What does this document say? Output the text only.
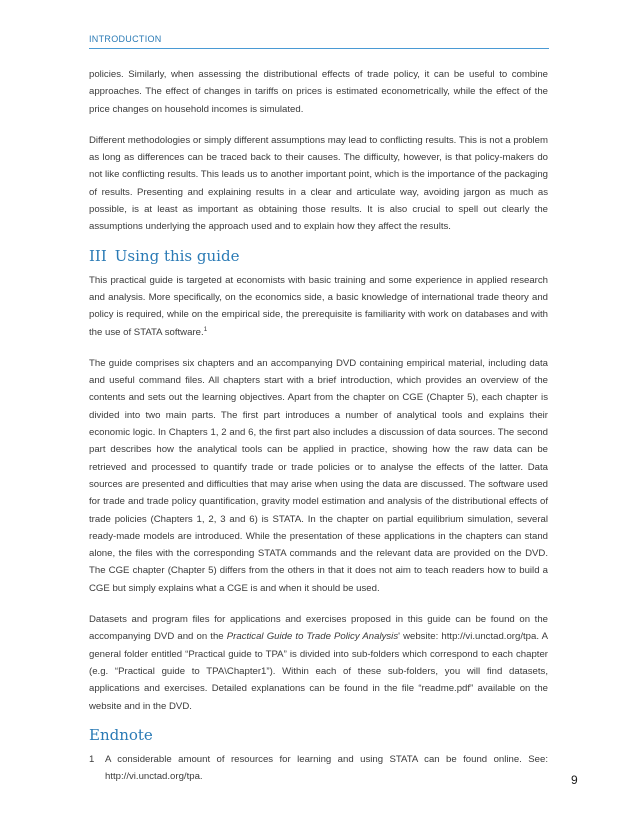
INTRODUCTION

policies. Similarly, when assessing the distributional effects of trade policy, it can be useful to combine approaches. The effect of changes in tariffs on prices is estimated econometrically, while the effect of the price changes on household incomes is simulated.

Different methodologies or simply different assumptions may lead to conflicting results. This is not a problem as long as differences can be traced back to their causes. The difficulty, however, is that policy-makers do not like conflicting results. This leads us to another important point, which is the importance of the packaging of results. Presenting and explaining results in a clear and articulate way, avoiding jargon as much as possible, is at least as important as obtaining those results. It is also crucial to spell out clearly the assumptions underlying the approach used and to explain how they affect the results.

III Using this guide

This practical guide is targeted at economists with basic training and some experience in applied research and analysis. More specifically, on the economics side, a basic knowledge of international trade theory and policy is required, while on the empirical side, the prerequisite is familiarity with work on databases and with the use of STATA software.$^1$

The guide comprises six chapters and an accompanying DVD containing empirical material, including data and useful command files. All chapters start with a brief introduction, which provides an overview of the contents and sets out the learning objectives. Apart from the chapter on CGE (Chapter 5), each chapter is divided into two main parts. The first part introduces a number of analytical tools and explains their economic logic. In Chapters 1, 2 and 6, the first part also includes a discussion of data sources. The second part describes how the analytical tools can be applied in practice, showing how the raw data can be retrieved and processed to quantify trade or trade policies or to analyse the effects of the latter. Data sources are presented and difficulties that may arise when using the data are discussed. The software used for trade and trade policy quantification, gravity model estimation and analysis of the distributional effects of trade policies (Chapters 1, 2, 3 and 6) is STATA. In the chapter on partial equilibrium simulation, several ready-made models are introduced. While the presentation of these applications in the chapters can stand alone, the files with the corresponding STATA commands and the relevant data are provided on the DVD. The CGE chapter (Chapter 5) differs from the others in that it does not aim to teach readers how to build a CGE but simply explains what a CGE is and when it should be used.

Datasets and program files for applications and exercises proposed in this guide can be found on the accompanying DVD and on the Practical Guide to Trade Policy Analysis' website: http://vi.unctad.org/tpa. A general folder entitled “Practical guide to TPA” is divided into sub-folders which correspond to each chapter (e.g. “Practical guide to TPA\Chapter1”). Within each of these sub-folders, you will find datasets, applications and exercises. Detailed explanations can be found in the file “readme.pdf” available on the website and in the DVD.

Endnote
1	A considerable amount of resources for learning and using STATA can be found online. See: http://vi.unctad.org/tpa.	9
